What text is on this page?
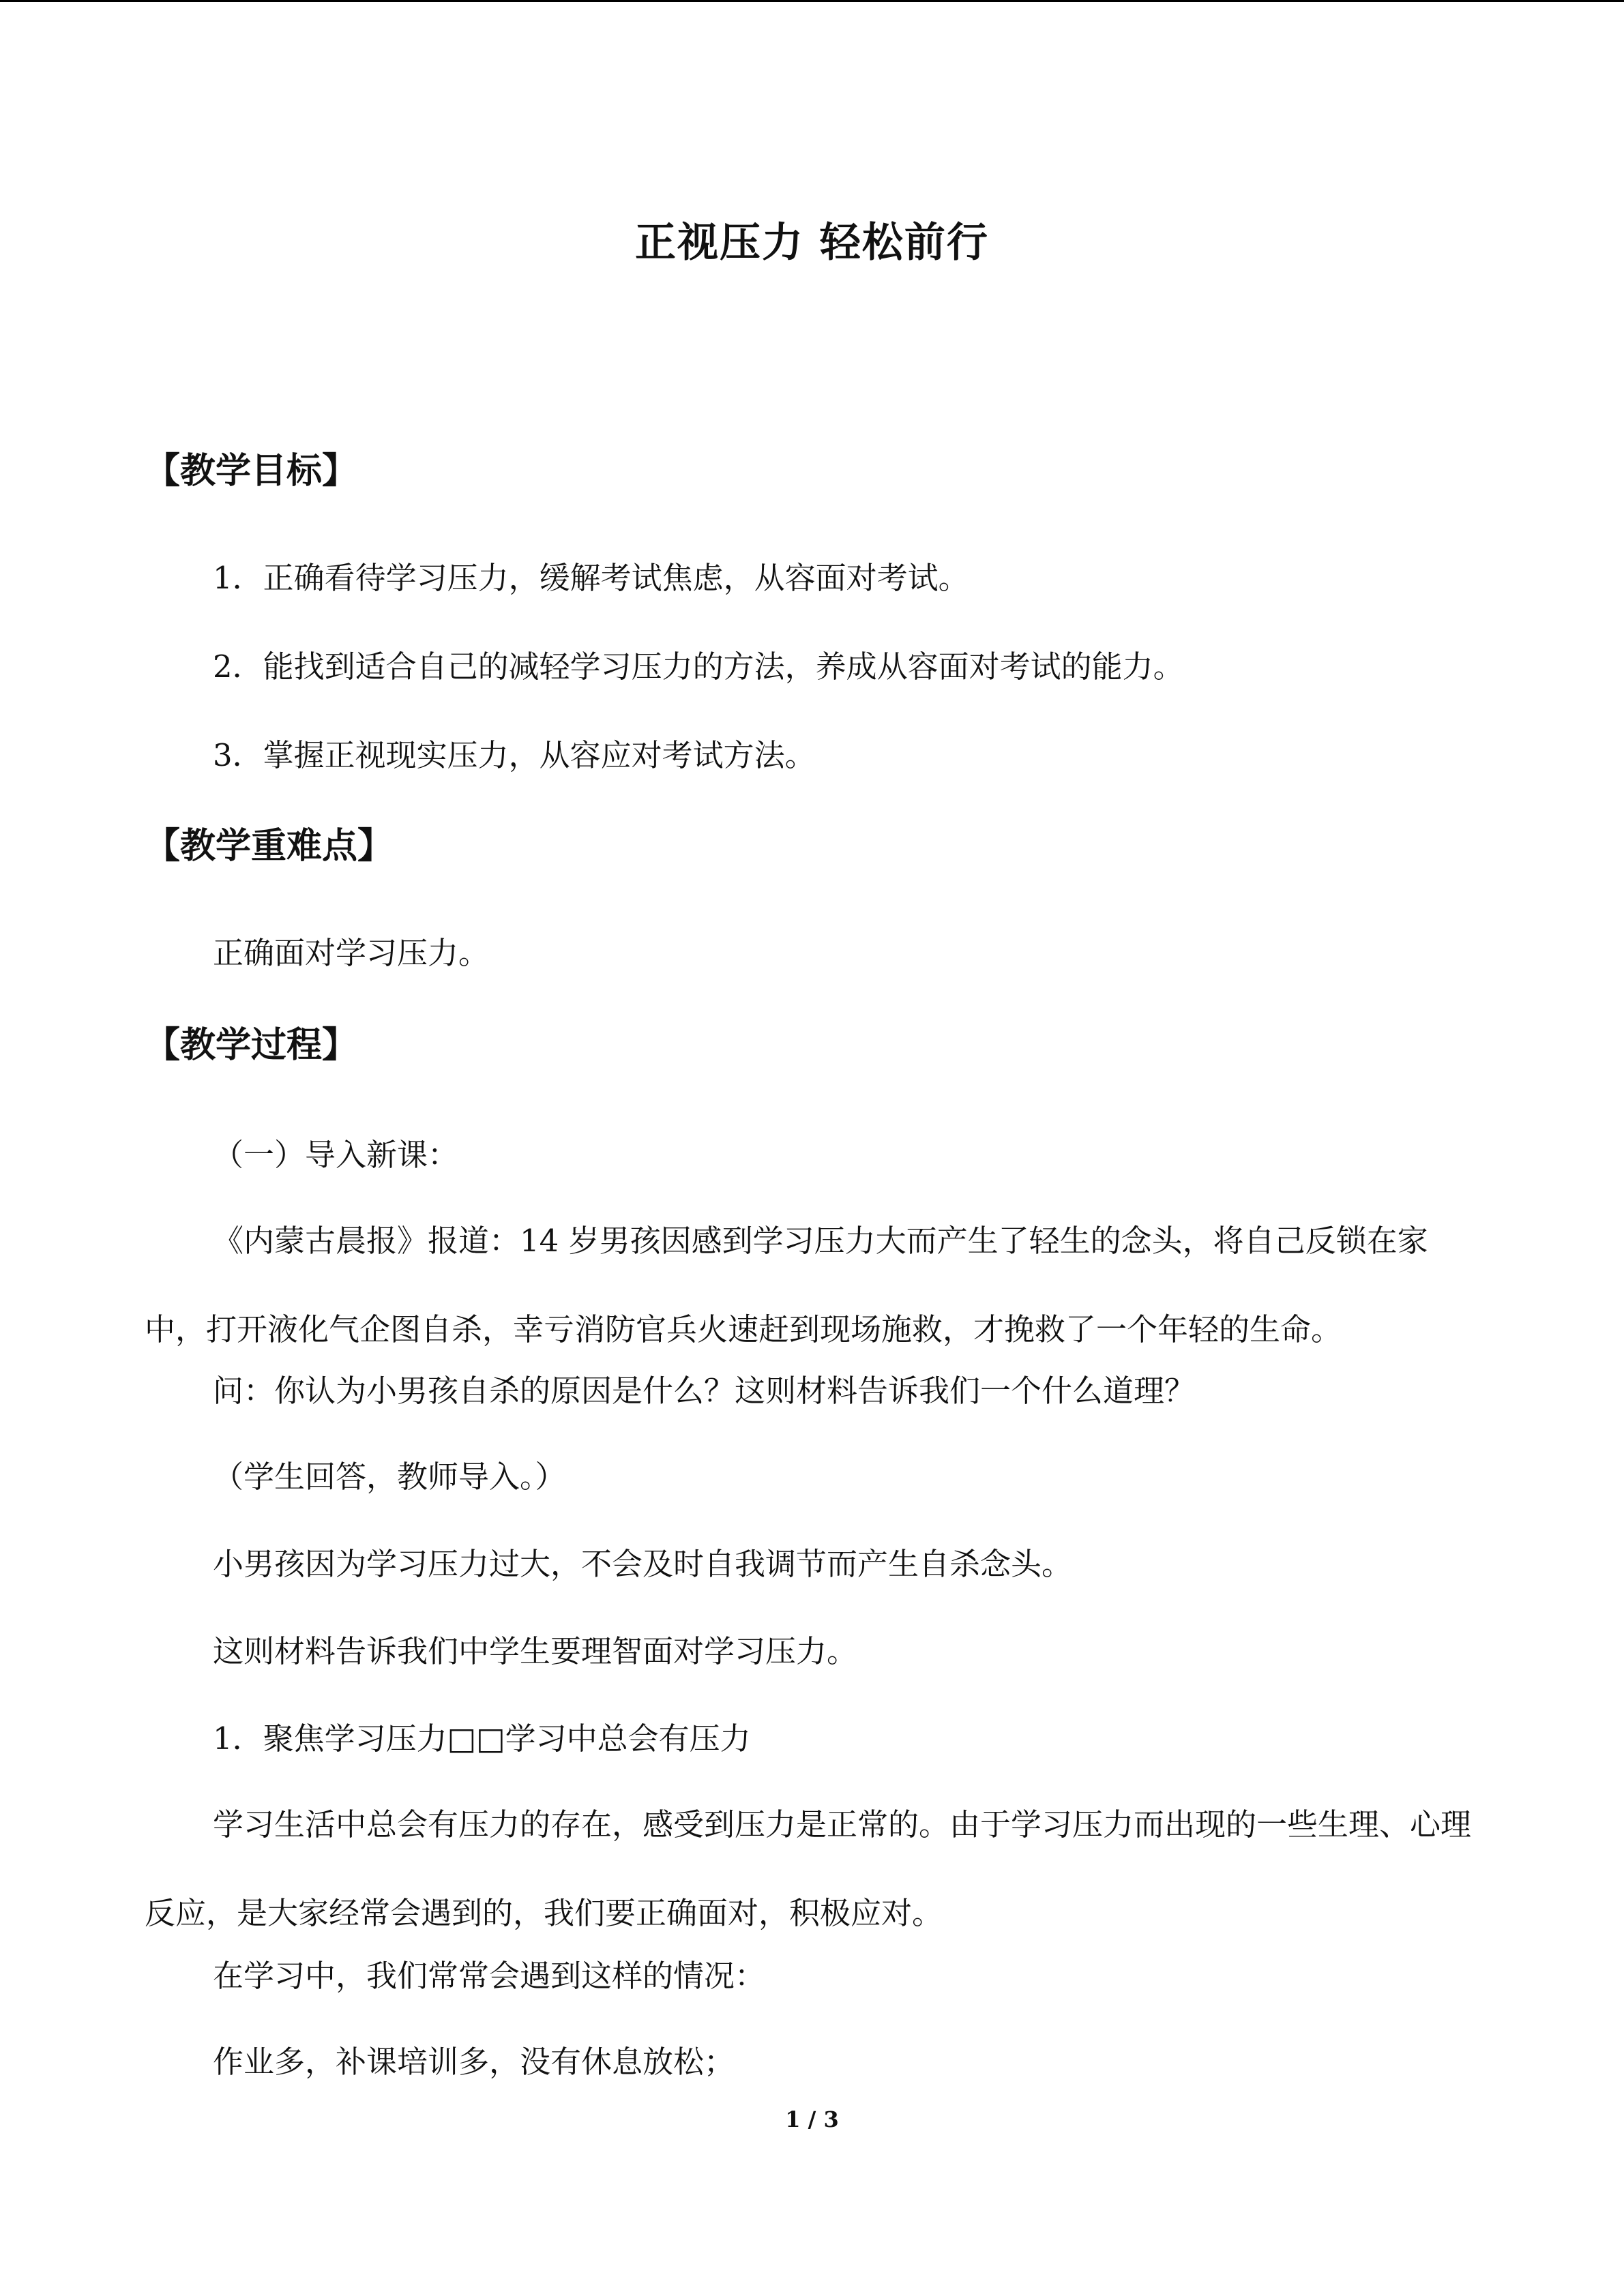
正视压力 轻松前行
【教学目标】

1．正确看待学习压力，缓解考试焦虑，从容面对考试。

2．能找到适合自己的减轻学习压力的方法，养成从容面对考试的能力。

3．掌握正视现实压力，从容应对考试方法。

【教学重难点】

正确面对学习压力。

【教学过程】

（一）导入新课：

《内蒙古晨报》报道：14 岁男孩因感到学习压力大而产生了轻生的念头，将自己反锁在家中，打开液化气企图自杀，幸亏消防官兵火速赶到现场施救，才挽救了一个年轻的生命。

问：你认为小男孩自杀的原因是什么？这则材料告诉我们一个什么道理？

（学生回答，教师导入。）

小男孩因为学习压力过大，不会及时自我调节而产生自杀念头。

这则材料告诉我们中学生要理智面对学习压力。

1．聚焦学习压力□□学习中总会有压力

学习生活中总会有压力的存在，感受到压力是正常的。由于学习压力而出现的一些生理、心理反应，是大家经常会遇到的，我们要正确面对，积极应对。

在学习中，我们常常会遇到这样的情况：

作业多，补课培训多，没有休息放松；

1 / 3
